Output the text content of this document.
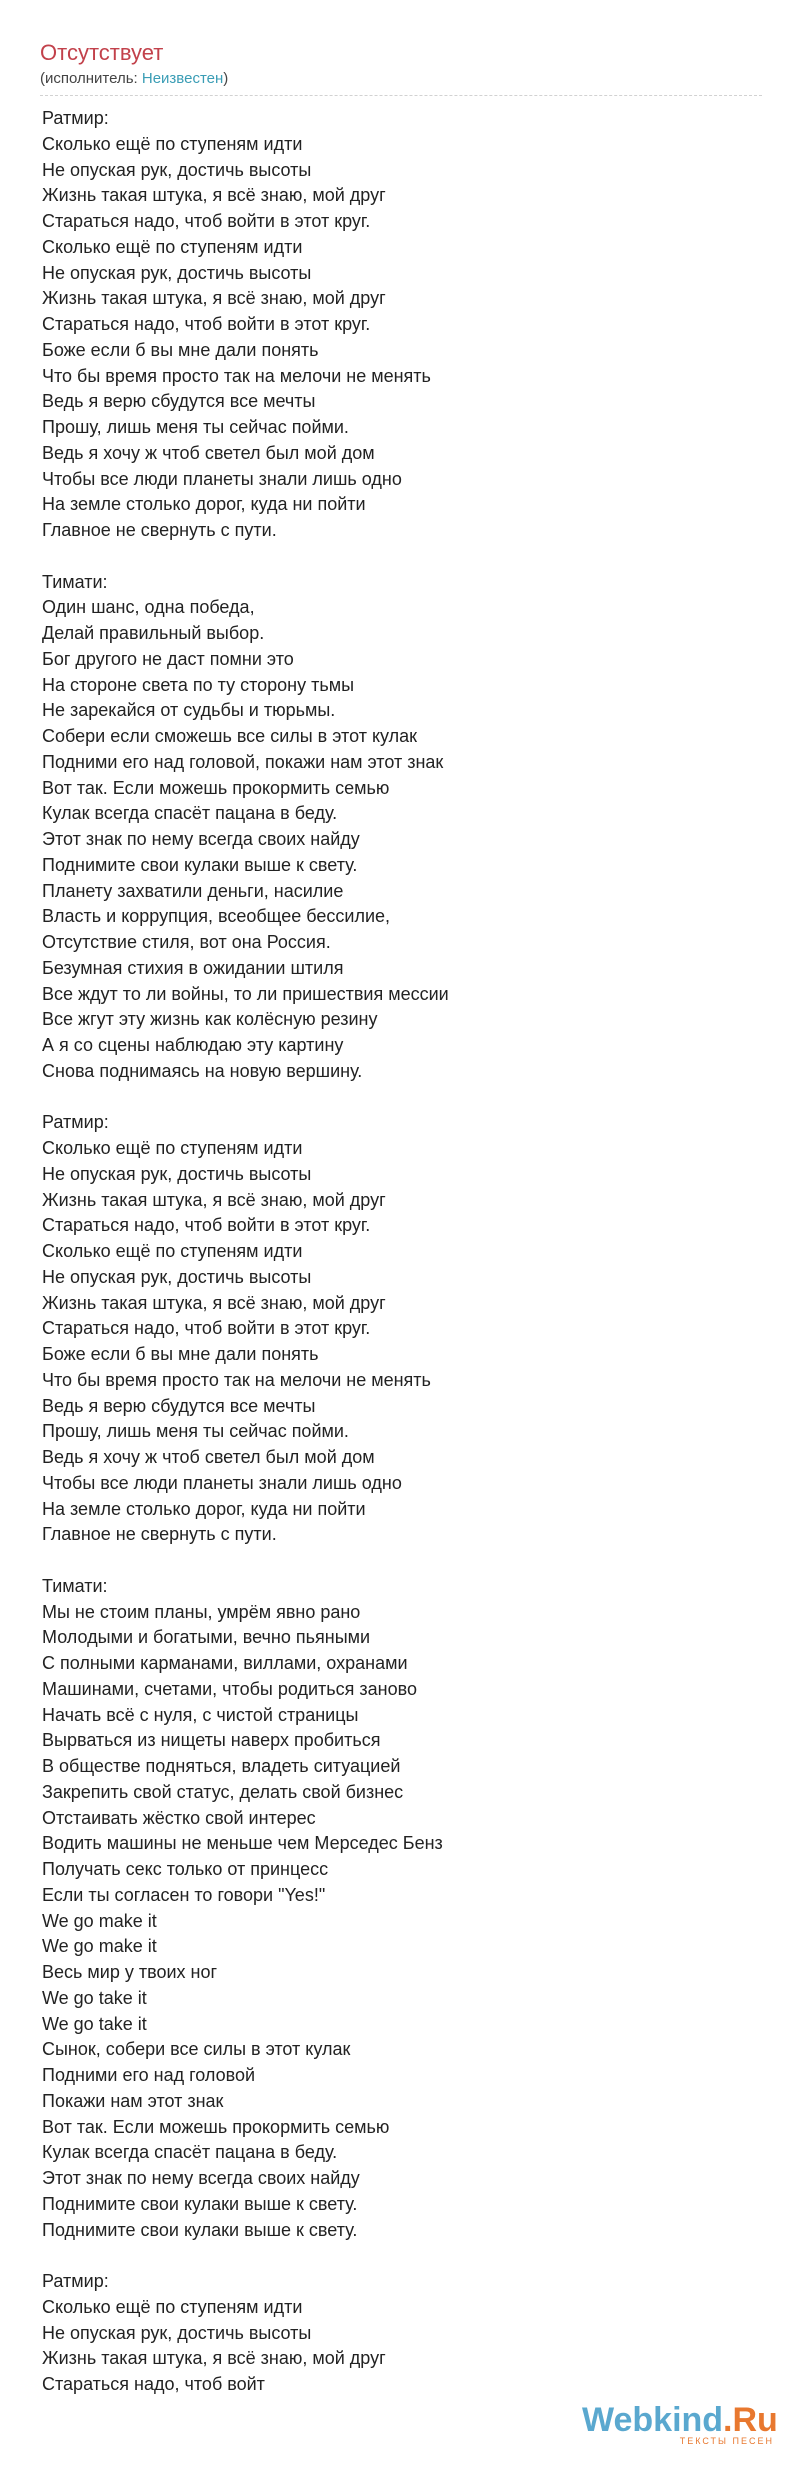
Отсутствует
(исполнитель: Неизвестен)
Ратмир:
Сколько ещё по ступеням идти
Не опуская рук, достичь высоты
Жизнь такая штука, я всё знаю, мой друг
Стараться надо, чтоб войти в этот круг.
Сколько ещё по ступеням идти
Не опуская рук, достичь высоты
Жизнь такая штука, я всё знаю, мой друг
Стараться надо, чтоб войти в этот круг.
Боже если б вы мне дали понять
Что бы время просто так на мелочи не менять
Ведь я верю сбудутся все мечты
Прошу, лишь меня ты сейчас пойми.
Ведь я хочу ж чтоб светел был мой дом
Чтобы все люди планеты знали лишь одно
На земле столько дорог, куда ни пойти
Главное не свернуть с пути.
Тимати:
Один шанс, одна победа,
Делай правильный выбор.
Бог другого не даст помни это
На стороне света по ту сторону тьмы
Не зарекайся от судьбы и тюрьмы.
Собери если сможешь все силы в этот кулак
Подними его над головой, покажи нам этот знак
Вот так. Если можешь прокормить семью
Кулак всегда спасёт пацана в беду.
Этот знак по нему всегда своих найду
Поднимите свои кулаки выше к свету.
Планету захватили деньги, насилие
Власть и коррупция, всеобщее бессилие,
Отсутствие стиля, вот она Россия.
Безумная стихия в ожидании штиля
Все ждут то ли войны, то ли пришествия мессии
Все жгут эту жизнь как колёсную резину
А я со сцены наблюдаю эту картину
Снова поднимаясь на новую вершину.
Ратмир:
Сколько ещё по ступеням идти
Не опуская рук, достичь высоты
Жизнь такая штука, я всё знаю, мой друг
Стараться надо, чтоб войти в этот круг.
Сколько ещё по ступеням идти
Не опуская рук, достичь высоты
Жизнь такая штука, я всё знаю, мой друг
Стараться надо, чтоб войти в этот круг.
Боже если б вы мне дали понять
Что бы время просто так на мелочи не менять
Ведь я верю сбудутся все мечты
Прошу, лишь меня ты сейчас пойми.
Ведь я хочу ж чтоб светел был мой дом
Чтобы все люди планеты знали лишь одно
На земле столько дорог, куда ни пойти
Главное не свернуть с пути.
Тимати:
Мы не стоим планы, умрём явно рано
Молодыми и богатыми, вечно пьяными
С полными карманами, виллами, охранами
Машинами, счетами, чтобы родиться заново
Начать всё с нуля, с чистой страницы
Вырваться из нищеты наверх пробиться
В обществе подняться, владеть ситуацией
Закрепить свой статус, делать свой бизнес
Отстаивать жёстко свой интерес
Водить машины не меньше чем Мерседес Бенз
Получать секс только от принцесс
Если ты согласен то говори "Yes!"
We go make it
We go make it
Весь мир у твоих ног
We go take it
We go take it
Сынок, собери все силы в этот кулак
Подними его над головой
Покажи нам этот знак
Вот так. Если можешь прокормить семью
Кулак всегда спасёт пацана в беду.
Этот знак по нему всегда своих найду
Поднимите свои кулаки выше к свету.
Поднимите свои кулаки выше к свету.
Ратмир:
Сколько ещё по ступеням идти
Не опуская рук, достичь высоты
Жизнь такая штука, я всё знаю, мой друг
Стараться надо, чтоб войт
Webkind.Ru
ТЕКСТЫ ПЕСЕН
